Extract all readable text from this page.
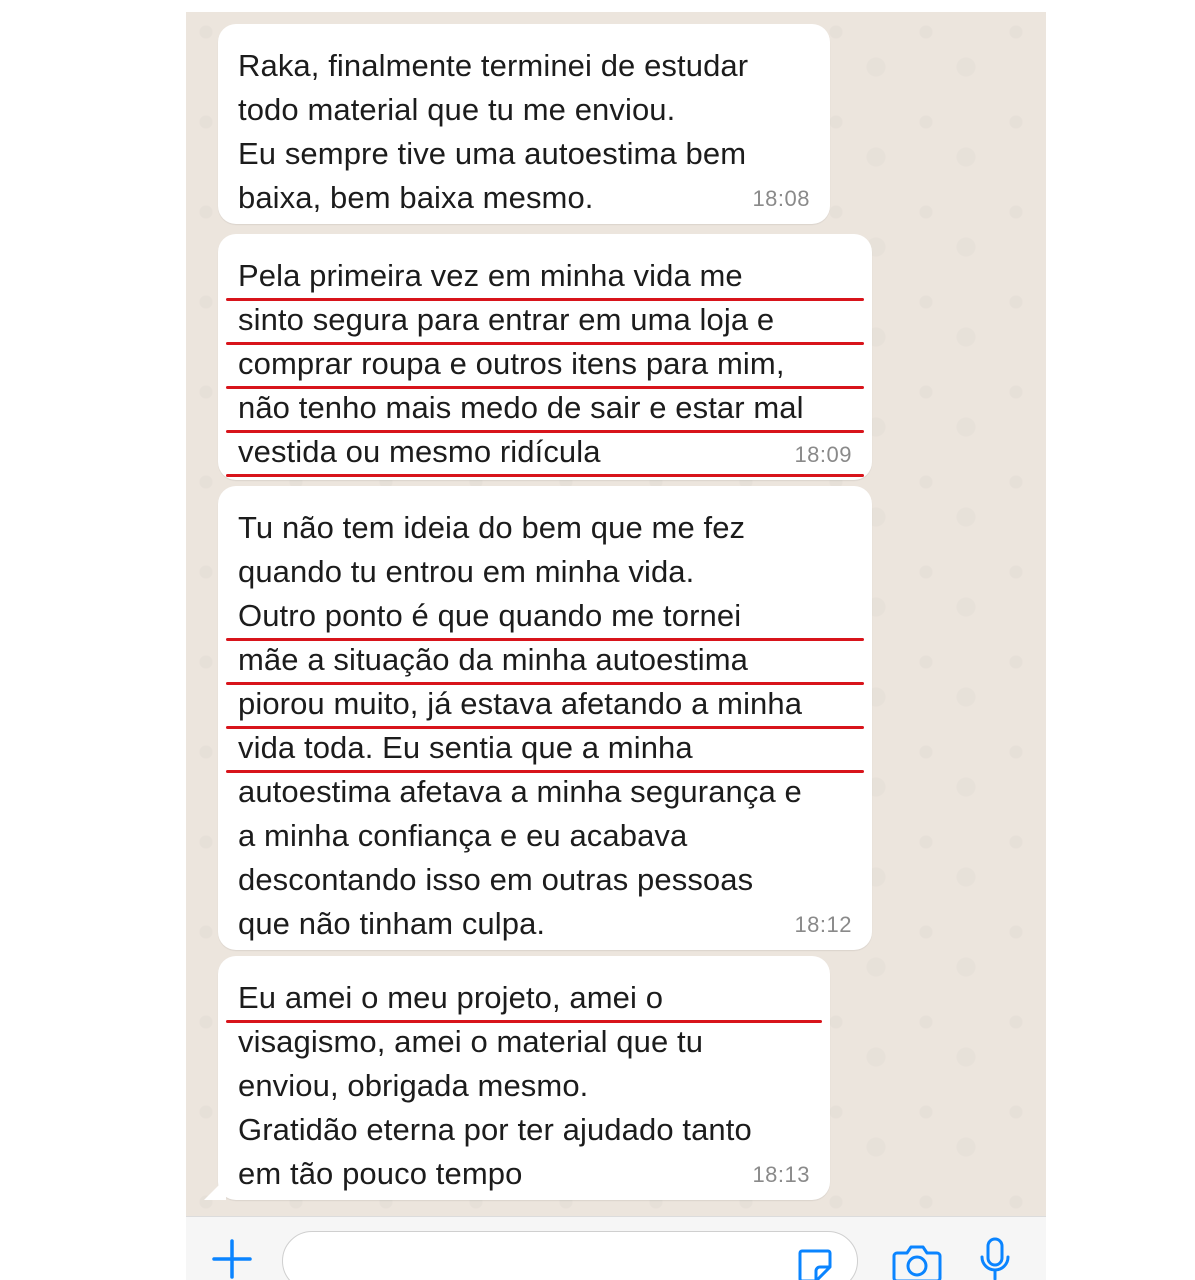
Raka, finalmente terminei de estudar
todo material que tu me enviou.
Eu sempre tive uma autoestima bem
baixa, bem baixa mesmo.	18:08
Pela primeira vez em minha vida me
sinto segura para entrar em uma loja e
comprar roupa e outros itens para mim,
não tenho mais medo de sair e estar mal
vestida ou mesmo ridícula	18:09
Tu não tem ideia do bem que me fez
quando tu entrou em minha vida.
Outro ponto é que quando me tornei
mãe a situação da minha autoestima
piorou muito, já estava afetando a minha
vida toda. Eu sentia que a minha
autoestima afetava a minha segurança e
a minha confiança e eu acabava
descontando isso em outras pessoas
que não tinham culpa.	18:12
Eu amei o meu projeto, amei o
visagismo, amei o material que tu
enviou, obrigada mesmo.
Gratidão eterna por ter ajudado tanto
em tão pouco tempo	18:13
